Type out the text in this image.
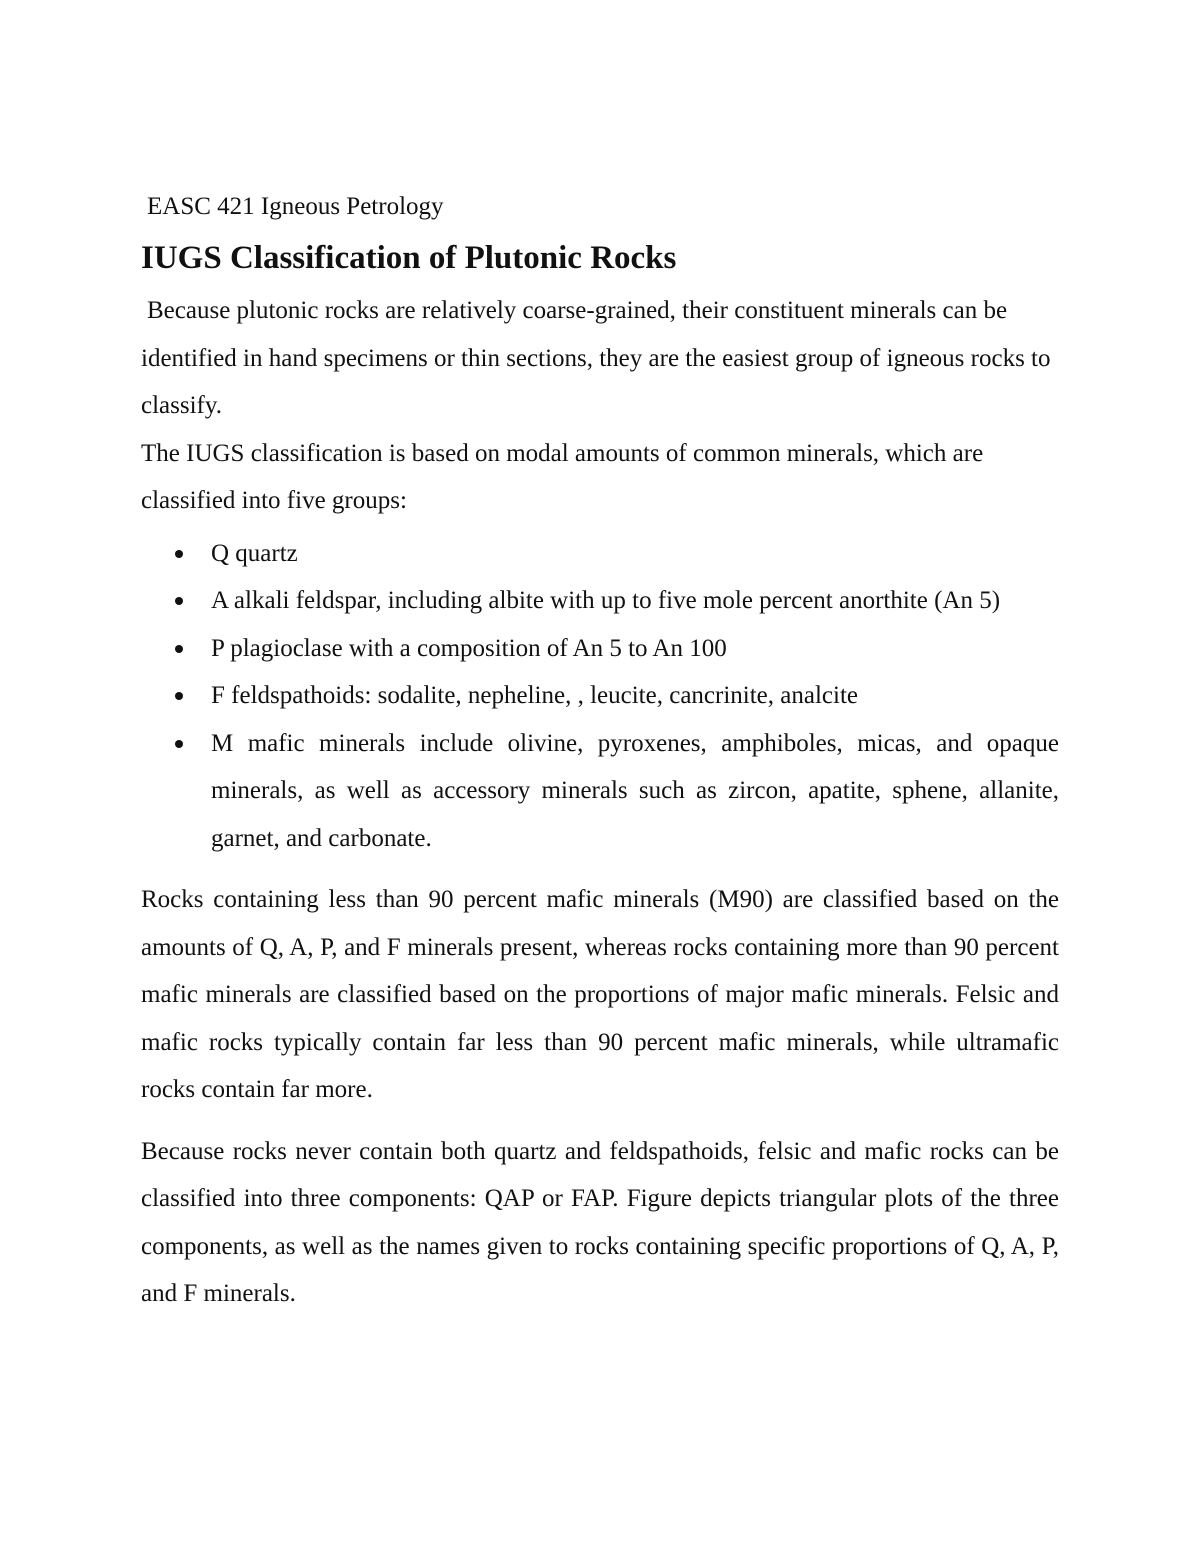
EASC 421 Igneous Petrology
IUGS Classification of Plutonic Rocks

Because plutonic rocks are relatively coarse-grained, their constituent minerals can be identified in hand specimens or thin sections, they are the easiest group of igneous rocks to classify.

The IUGS classification is based on modal amounts of common minerals, which are classified into five groups:

Q quartz
A alkali feldspar, including albite with up to five mole percent anorthite (An 5)
P plagioclase with a composition of An 5 to An 100
F feldspathoids: sodalite, nepheline, , leucite, cancrinite, analcite
M mafic minerals include olivine, pyroxenes, amphiboles, micas, and opaque minerals, as well as accessory minerals such as zircon, apatite, sphene, allanite, garnet, and carbonate.

Rocks containing less than 90 percent mafic minerals (M90) are classified based on the amounts of Q, A, P, and F minerals present, whereas rocks containing more than 90 percent mafic minerals are classified based on the proportions of major mafic minerals. Felsic and mafic rocks typically contain far less than 90 percent mafic minerals, while ultramafic rocks contain far more.

Because rocks never contain both quartz and feldspathoids, felsic and mafic rocks can be classified into three components: QAP or FAP. Figure depicts triangular plots of the three components, as well as the names given to rocks containing specific proportions of Q, A, P, and F minerals.
